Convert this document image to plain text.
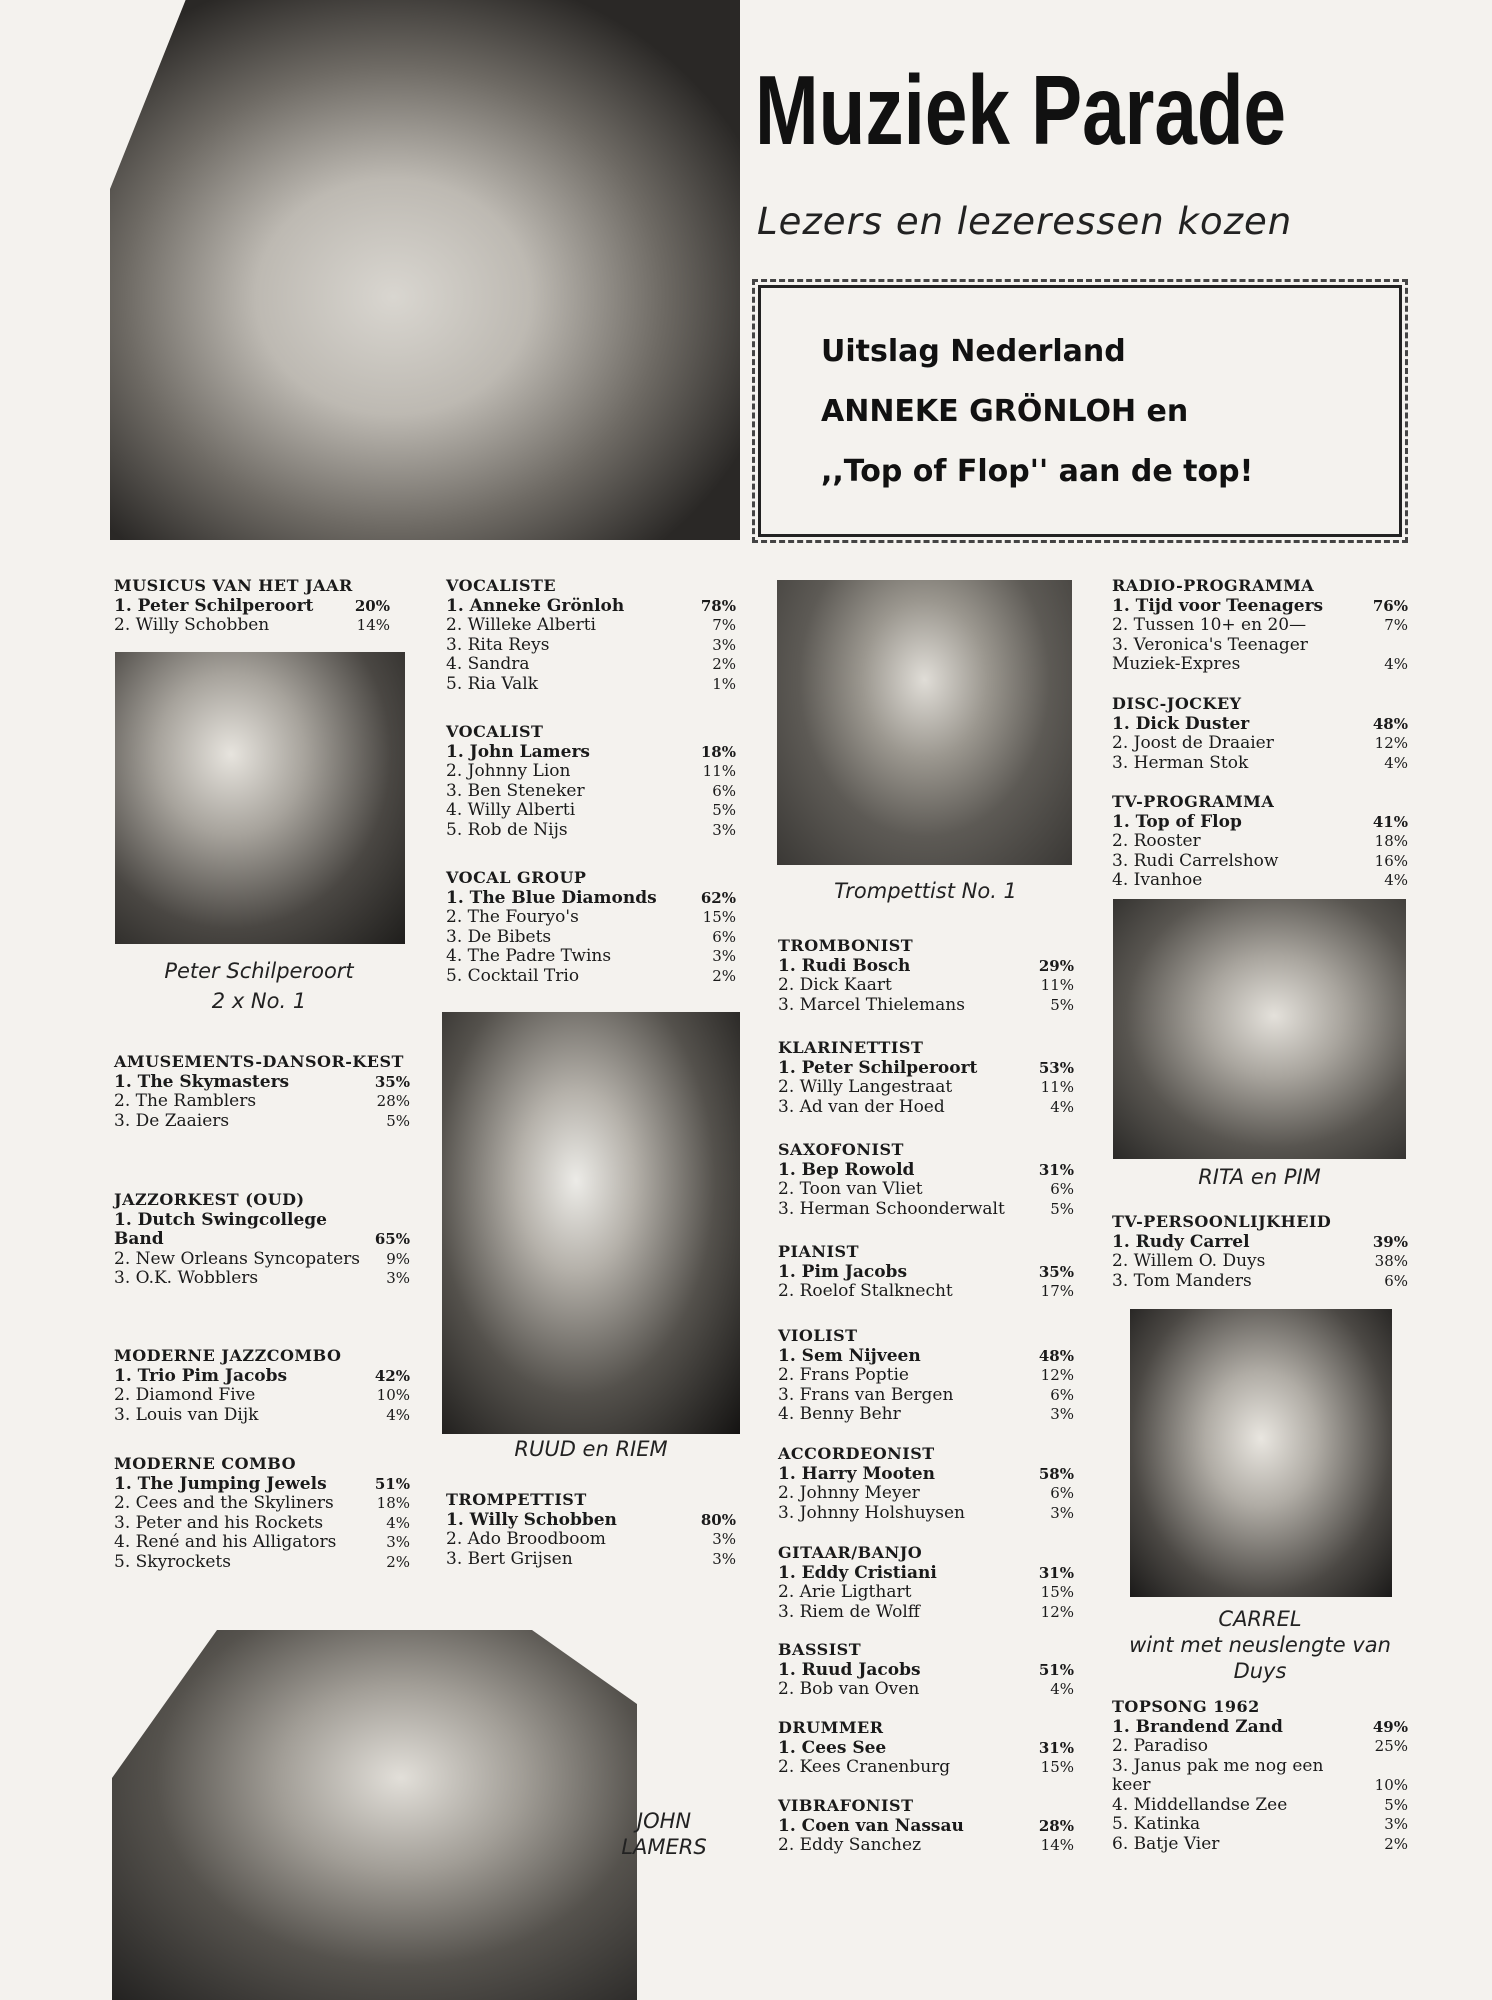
Muziek Parade
Lezers en lezeressen kozen
Uitslag Nederland
ANNEKE GRÖNLOH en
,,Top of Flop'' aan de top!
MUSICUS VAN HET JAAR
1. Peter Schilperoort	20%
2. Willy Schobben	14%
AMUSEMENTS-DANSOR-KEST
1. The Skymasters	35%
2. The Ramblers	28%
3. De Zaaiers	5%
JAZZORKEST (OUD)
1. Dutch Swingcollege Band	65%
2. New Orleans Syncopaters	9%
3. O.K. Wobblers	3%
MODERNE JAZZCOMBO
1. Trio Pim Jacobs	42%
2. Diamond Five	10%
3. Louis van Dijk	4%
MODERNE COMBO
1. The Jumping Jewels	51%
2. Cees and the Skyliners	18%
3. Peter and his Rockets	4%
4. René and his Alligators	3%
5. Skyrockets	2%
VOCALISTE
1. Anneke Grönloh	78%
2. Willeke Alberti	7%
3. Rita Reys	3%
4. Sandra	2%
5. Ria Valk	1%
VOCALIST
1. John Lamers	18%
2. Johnny Lion	11%
3. Ben Steneker	6%
4. Willy Alberti	5%
5. Rob de Nijs	3%
VOCAL GROUP
1. The Blue Diamonds	62%
2. The Fouryo's	15%
3. De Bibets	6%
4. The Padre Twins	3%
5. Cocktail Trio	2%
TROMPETTIST
1. Willy Schobben	80%
2. Ado Broodboom	3%
3. Bert Grijsen	3%
TROMBONIST
1. Rudi Bosch	29%
2. Dick Kaart	11%
3. Marcel Thielemans	5%
KLARINETTIST
1. Peter Schilperoort	53%
2. Willy Langestraat	11%
3. Ad van der Hoed	4%
SAXOFONIST
1. Bep Rowold	31%
2. Toon van Vliet	6%
3. Herman Schoonderwalt	5%
PIANIST
1. Pim Jacobs	35%
2. Roelof Stalknecht	17%
VIOLIST
1. Sem Nijveen	48%
2. Frans Poptie	12%
3. Frans van Bergen	6%
4. Benny Behr	3%
ACCORDEONIST
1. Harry Mooten	58%
2. Johnny Meyer	6%
3. Johnny Holshuysen	3%
GITAAR/BANJO
1. Eddy Cristiani	31%
2. Arie Ligthart	15%
3. Riem de Wolff	12%
BASSIST
1. Ruud Jacobs	51%
2. Bob van Oven	4%
DRUMMER
1. Cees See	31%
2. Kees Cranenburg	15%
VIBRAFONIST
1. Coen van Nassau	28%
2. Eddy Sanchez	14%
RADIO-PROGRAMMA
1. Tijd voor Teenagers	76%
2. Tussen 10+ en 20—	7%
3. Veronica's Teenager Muziek-Expres	4%
DISC-JOCKEY
1. Dick Duster	48%
2. Joost de Draaier	12%
3. Herman Stok	4%
TV-PROGRAMMA
1. Top of Flop	41%
2. Rooster	18%
3. Rudi Carrelshow	16%
4. Ivanhoe	4%
TV-PERSOONLIJKHEID
1. Rudy Carrel	39%
2. Willem O. Duys	38%
3. Tom Manders	6%
TOPSONG 1962
1. Brandend Zand	49%
2. Paradiso	25%
3. Janus pak me nog een keer	10%
4. Middellandse Zee	5%
5. Katinka	3%
6. Batje Vier	2%
Peter Schilperoort
2 x No. 1
Trompettist No. 1
RUUD en RIEM
RITA en PIM
CARREL
wint met neuslengte van
Duys
JOHN
LAMERS
